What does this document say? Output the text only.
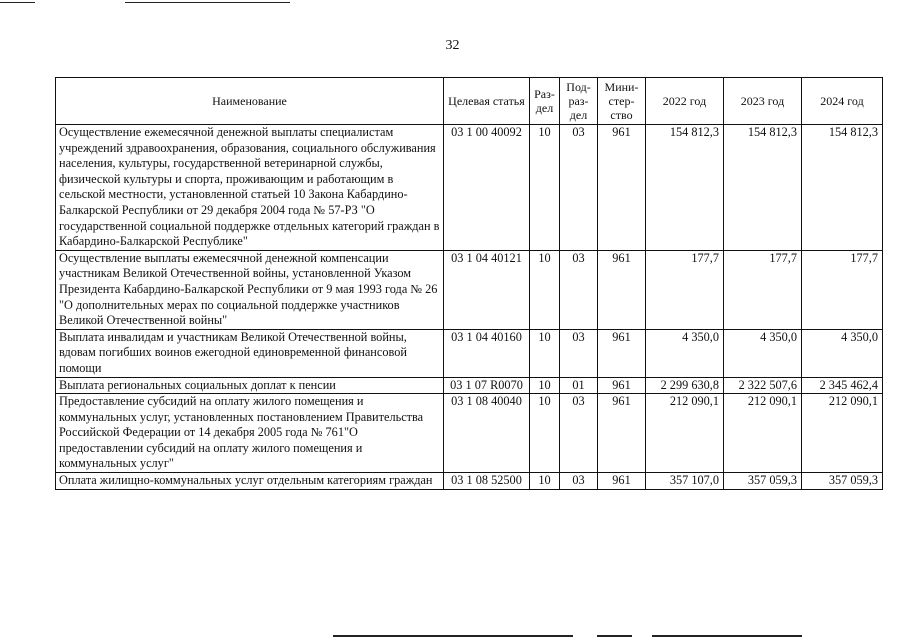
32
Наименование	Целевая статья	Раз-дел	Под-раз-дел	Мини-стер-ство	2022 год	2023 год	2024 год
Осуществление ежемесячной денежной выплаты специалистам учреждений здравоохранения, образования, социального обслуживания населения, культуры, государственной ветеринарной службы, физической культуры и спорта, проживающим и работающим в сельской местности, установленной статьей 10 Закона Кабардино-Балкарской Республики от 29 декабря 2004 года № 57-РЗ "О государственной социальной поддержке отдельных категорий граждан в Кабардино-Балкарской Республике"	03 1 00 40092	10	03	961	154 812,3	154 812,3	154 812,3
Осуществление выплаты ежемесячной денежной компенсации участникам Великой Отечественной войны, установленной Указом Президента Кабардино-Балкарской Республики от 9 мая 1993 года № 26 "О дополнительных мерах по социальной поддержке участников Великой Отечественной войны"	03 1 04 40121	10	03	961	177,7	177,7	177,7
Выплата инвалидам и участникам Великой Отечественной войны, вдовам погибших воинов ежегодной единовременной финансовой помощи	03 1 04 40160	10	03	961	4 350,0	4 350,0	4 350,0
Выплата региональных социальных доплат к пенсии	03 1 07 R0070	10	01	961	2 299 630,8	2 322 507,6	2 345 462,4
Предоставление субсидий на оплату жилого помещения и коммунальных услуг, установленных постановлением Правительства Российской Федерации от 14 декабря 2005 года № 761"О предоставлении субсидий на оплату жилого помещения и коммунальных услуг"	03 1 08 40040	10	03	961	212 090,1	212 090,1	212 090,1
Оплата жилищно-коммунальных услуг отдельным категориям граждан	03 1 08 52500	10	03	961	357 107,0	357 059,3	357 059,3
